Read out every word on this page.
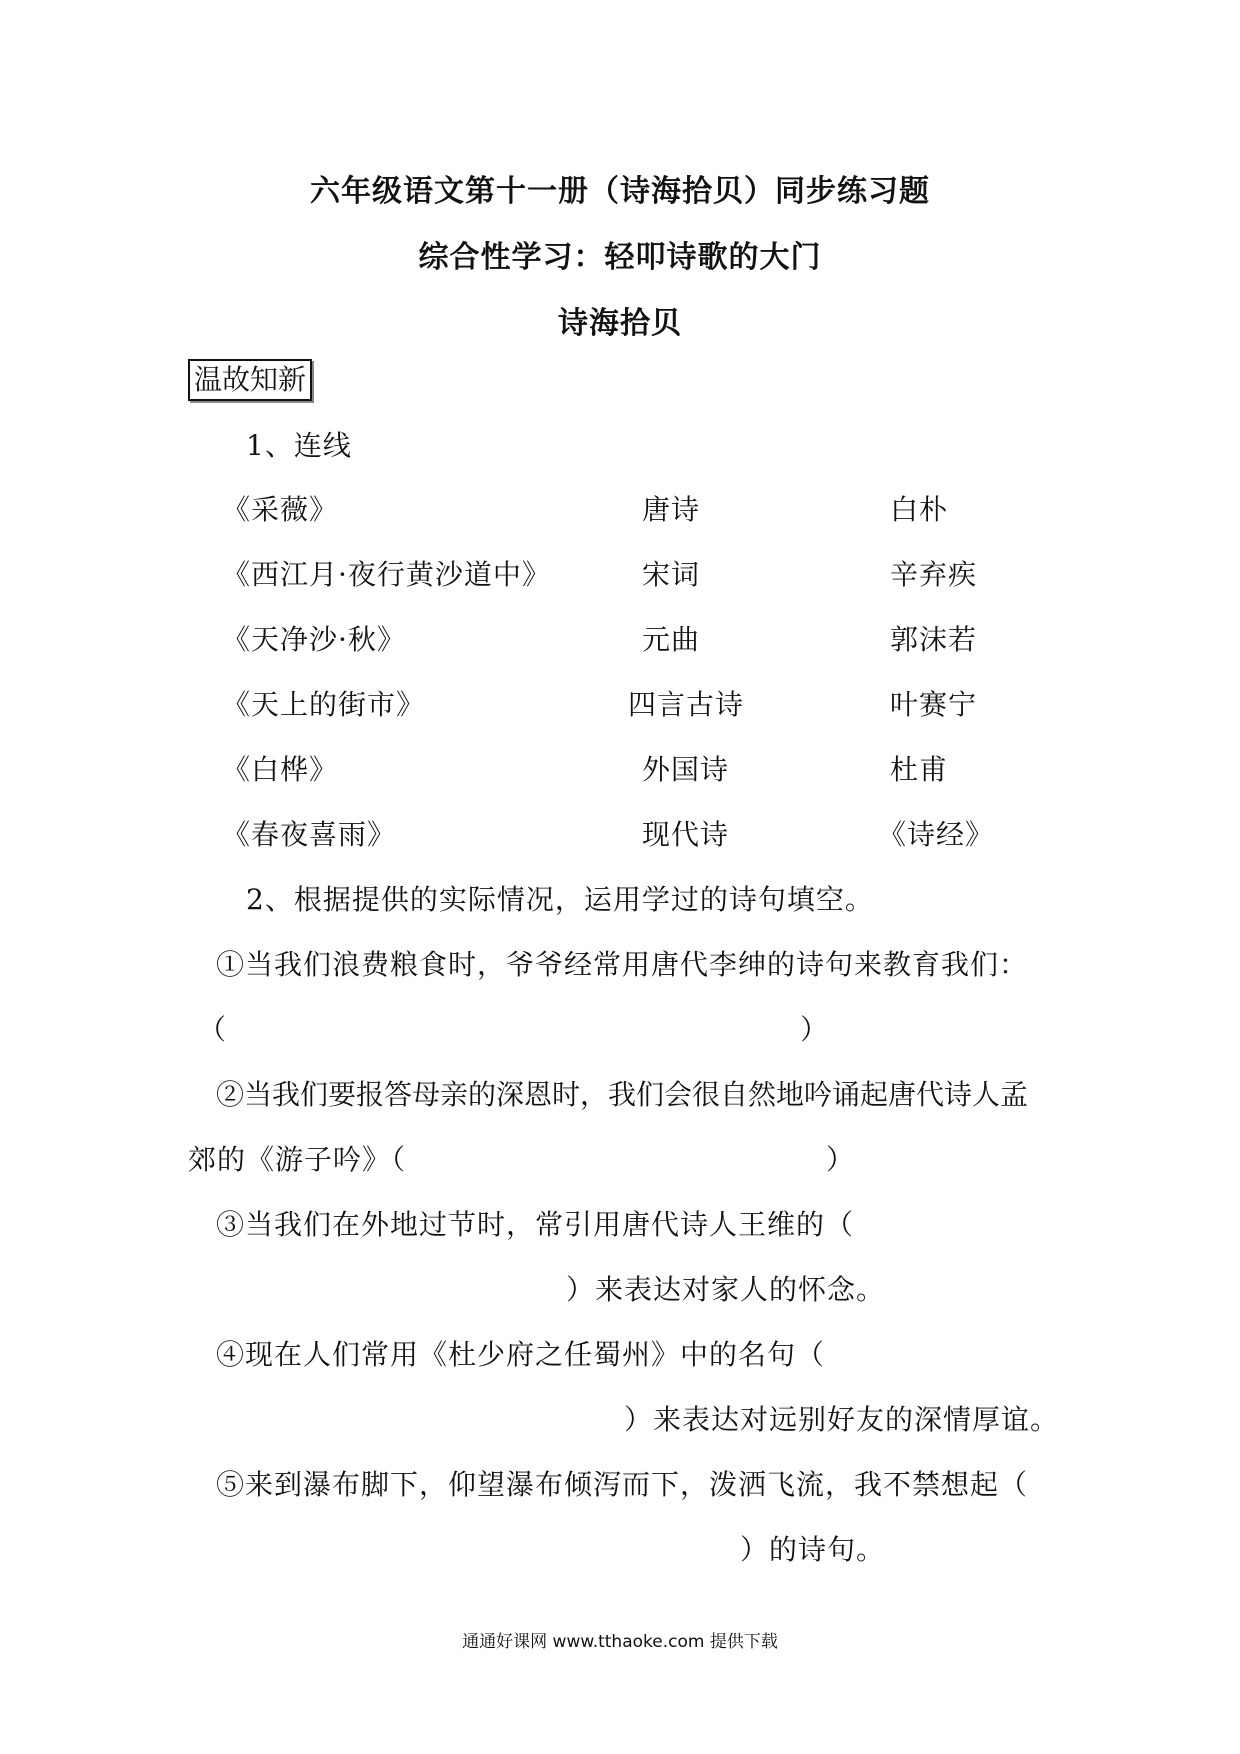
六年级语文第十一册（诗海拾贝）同步练习题
综合性学习：轻叩诗歌的大门
诗海拾贝
温故知新
1、连线
《采薇》	唐诗	白朴
《西江月·夜行黄沙道中》	宋词	辛弃疾
《天净沙·秋》	元曲	郭沫若
《天上的街市》	四言古诗	叶赛宁
《白桦》	外国诗	杜甫
《春夜喜雨》	现代诗	《诗经》
2、根据提供的实际情况，运用学过的诗句填空。
①当我们浪费粮食时，爷爷经常用唐代李绅的诗句来教育我们：
（	）
②当我们要报答母亲的深恩时，我们会很自然地吟诵起唐代诗人孟
郊的《游子吟》（	）
③当我们在外地过节时，常引用唐代诗人王维的（
）来表达对家人的怀念。
④现在人们常用《杜少府之任蜀州》中的名句（
）来表达对远别好友的深情厚谊。
⑤来到瀑布脚下，仰望瀑布倾泻而下，泼洒飞流，我不禁想起（
）的诗句。
通通好课网 www.tthaoke.com 提供下载
